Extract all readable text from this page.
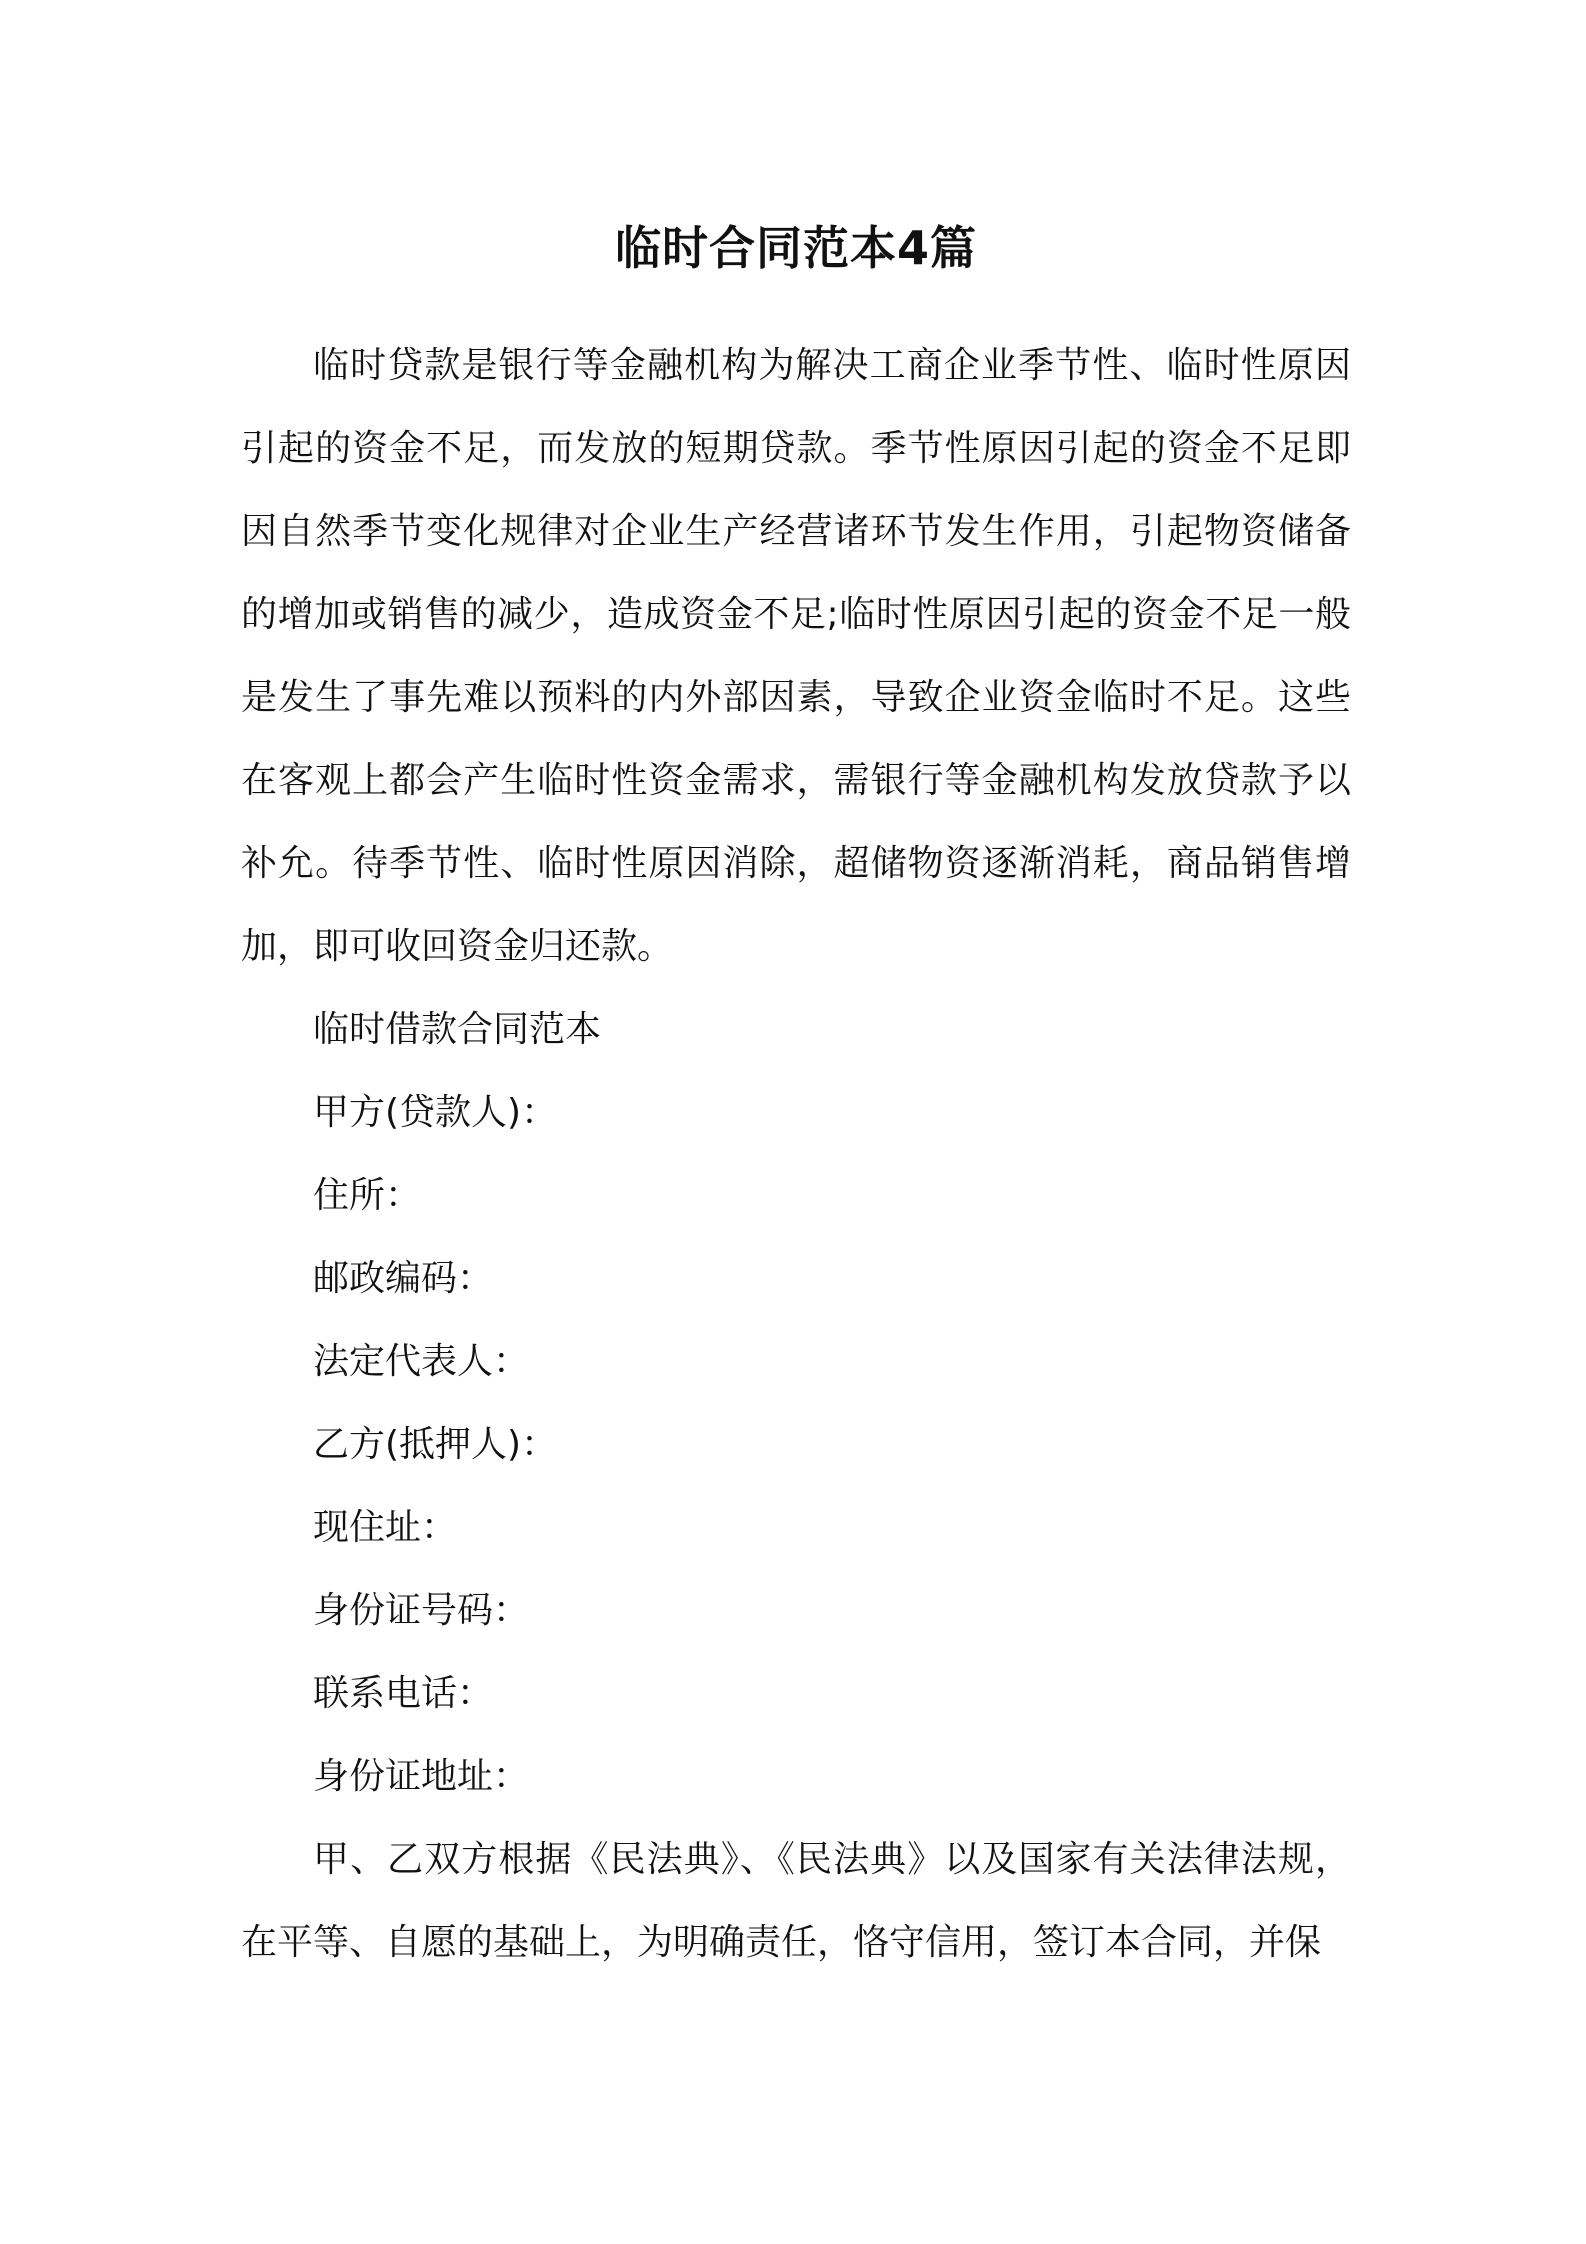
临时合同范本4篇

临时贷款是银行等金融机构为解决工商企业季节性、临时性原因引起的资金不足，而发放的短期贷款。季节性原因引起的资金不足即因自然季节变化规律对企业生产经营诸环节发生作用，引起物资储备的增加或销售的减少，造成资金不足;临时性原因引起的资金不足一般是发生了事先难以预料的内外部因素，导致企业资金临时不足。这些在客观上都会产生临时性资金需求，需银行等金融机构发放贷款予以补允。待季节性、临时性原因消除，超储物资逐渐消耗，商品销售增加，即可收回资金归还款。

临时借款合同范本

甲方(贷款人)：

住所：

邮政编码：

法定代表人：

乙方(抵押人)：

现住址：

身份证号码：

联系电话：

身份证地址：

甲、乙双方根据《民法典》、《民法典》以及国家有关法律法规，在平等、自愿的基础上，为明确责任，恪守信用，签订本合同，并保
